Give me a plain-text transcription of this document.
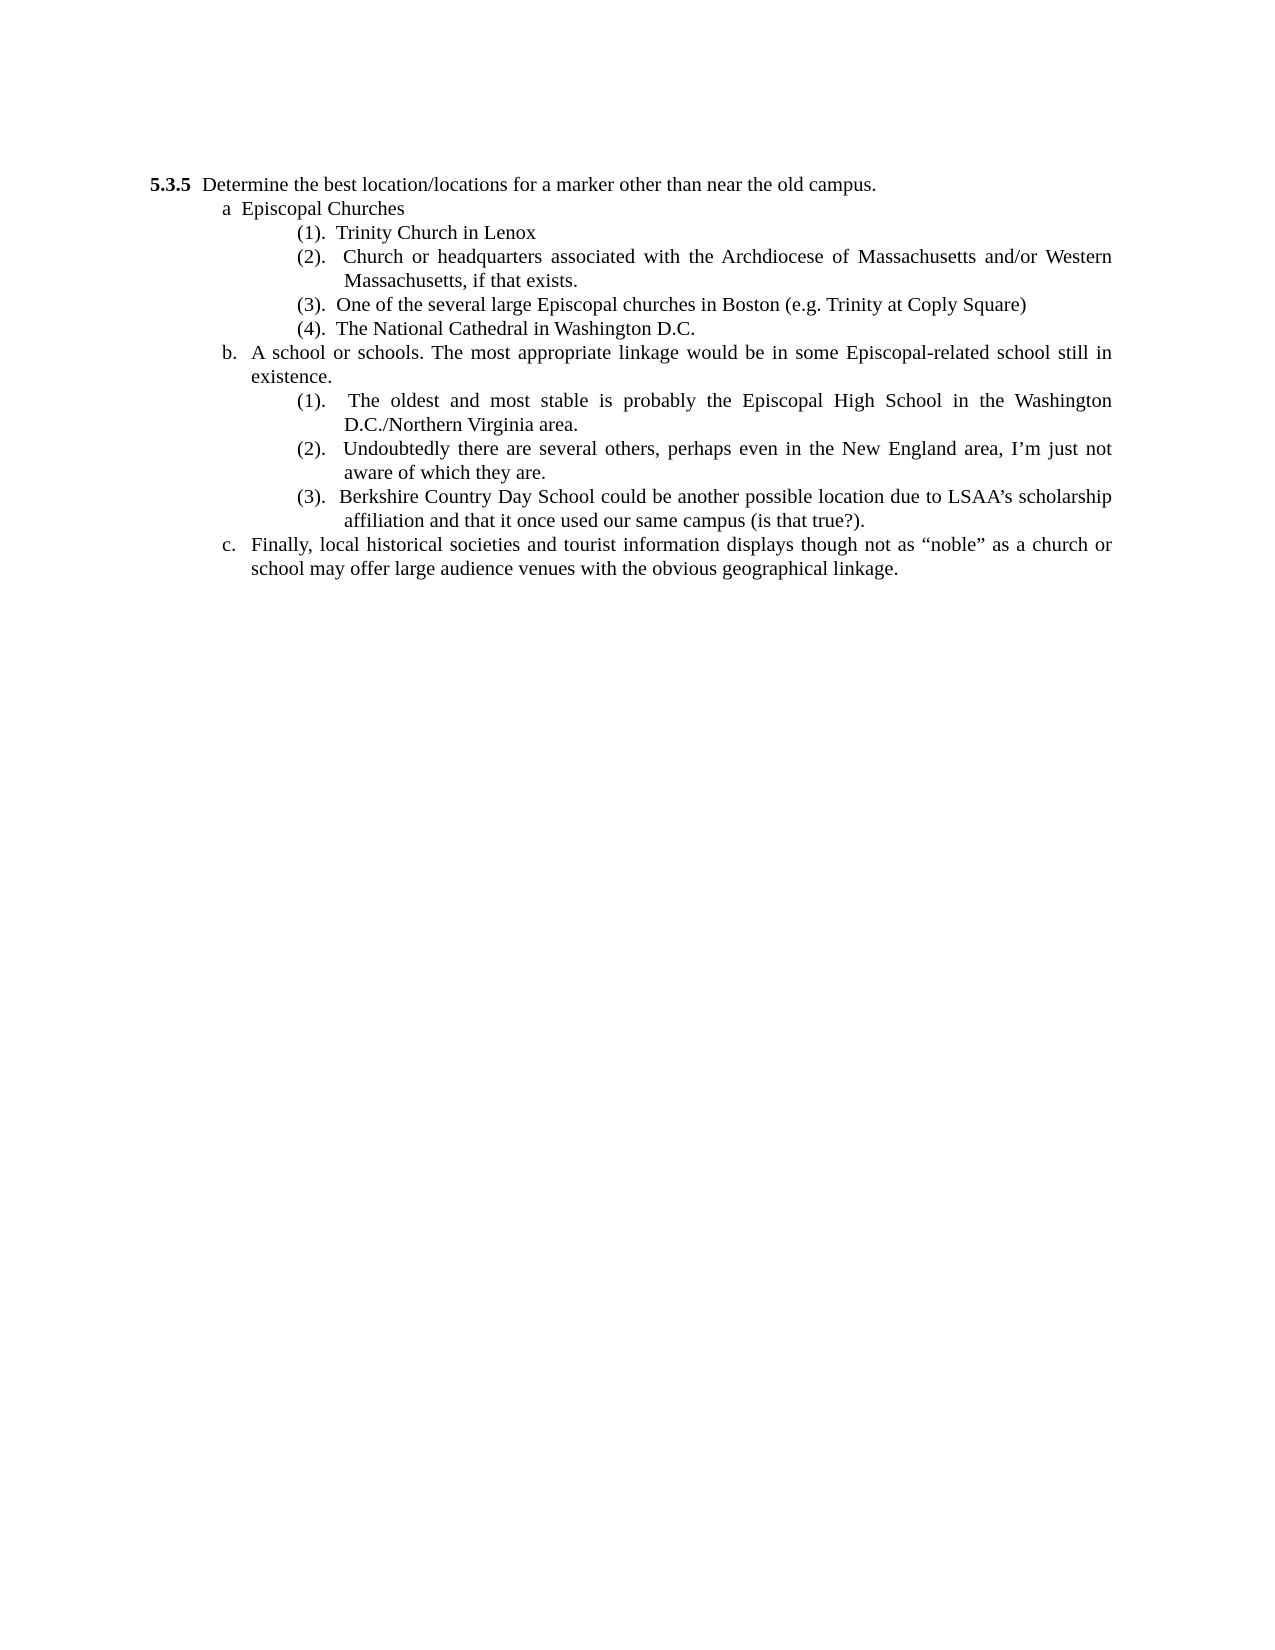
5.3.5 Determine the best location/locations for a marker other than near the old campus.
a Episcopal Churches
(1). Trinity Church in Lenox
(2). Church or headquarters associated with the Archdiocese of Massachusetts and/or Western
Massachusetts, if that exists.
(3). One of the several large Episcopal churches in Boston (e.g. Trinity at Coply Square)
(4). The National Cathedral in Washington D.C.
b. A school or schools. The most appropriate linkage would be in some Episcopal-related school still in
existence.
(1). The oldest and most stable is probably the Episcopal High School in the Washington
D.C./Northern Virginia area.
(2). Undoubtedly there are several others, perhaps even in the New England area, I’m just not
aware of which they are.
(3). Berkshire Country Day School could be another possible location due to LSAA’s scholarship
affiliation and that it once used our same campus (is that true?).
c. Finally, local historical societies and tourist information displays though not as “noble” as a church or
school may offer large audience venues with the obvious geographical linkage.
